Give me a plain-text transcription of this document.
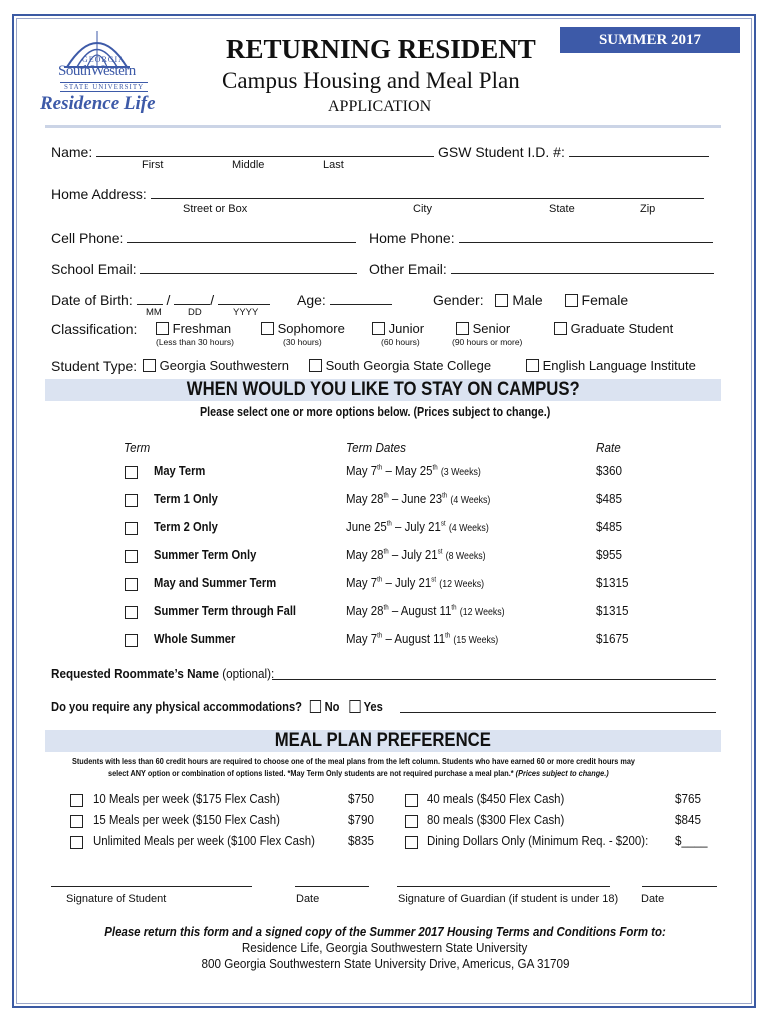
GEORGIA
SouthWestern
STATE UNIVERSITY
Residence Life
SUMMER 2017
RETURNING RESIDENT
Campus Housing and Meal Plan
APPLICATION
Name:	GSW Student I.D. #:
First	Middle	Last
Home Address:
Street or Box	City	State	Zip
Cell Phone:	Home Phone:
School Email:	Other Email:
Date of Birth:  /	/
MM	DD	YYYY
Age:	Gender: Male	Female
Classification:	Freshman
(Less than 30 hours)
Sophomore
(30 hours)
Junior
(60 hours)
Senior
(90 hours or more)
Graduate Student
Student Type:	Georgia Southwestern	South Georgia State College	English Language Institute
WHEN WOULD YOU LIKE TO STAY ON CAMPUS?
Please select one or more options below. (Prices subject to change.)
Term	Term Dates	Rate
May Term	May 7th – May 25th (3 Weeks)	$360
Term 1 Only	May 28th – June 23th (4 Weeks)	$485
Term 2 Only	June 25th – July 21st (4 Weeks)	$485
Summer Term Only	May 28th – July 21st (8 Weeks)	$955
May and Summer Term	May 7th – July 21st (12 Weeks)	$1315
Summer Term through Fall	May 28th – August 11th (12 Weeks)	$1315
Whole Summer	May 7th – August 11th (15 Weeks)	$1675
Requested Roommate’s Name (optional):
Do you require any physical accommodations? No Yes
MEAL PLAN PREFERENCE
Students with less than 60 credit hours are required to choose one of the meal plans from the left column. Students who have earned 60 or more credit hours may
select ANY option or combination of options listed. *May Term Only students are not required purchase a meal plan.* (Prices subject to change.)
10 Meals per week ($175 Flex Cash)	$750
15 Meals per week ($150 Flex Cash)	$790
Unlimited Meals per week ($100 Flex Cash)	$835
40 meals ($450 Flex Cash)	$765
80 meals ($300 Flex Cash)	$845
Dining Dollars Only (Minimum Req. - $200):	$____
Signature of Student	Date	Signature of Guardian (if student is under 18) Date
Please return this form and a signed copy of the Summer 2017 Housing Terms and Conditions Form to:
Residence Life, Georgia Southwestern State University
800 Georgia Southwestern State University Drive, Americus, GA 31709
